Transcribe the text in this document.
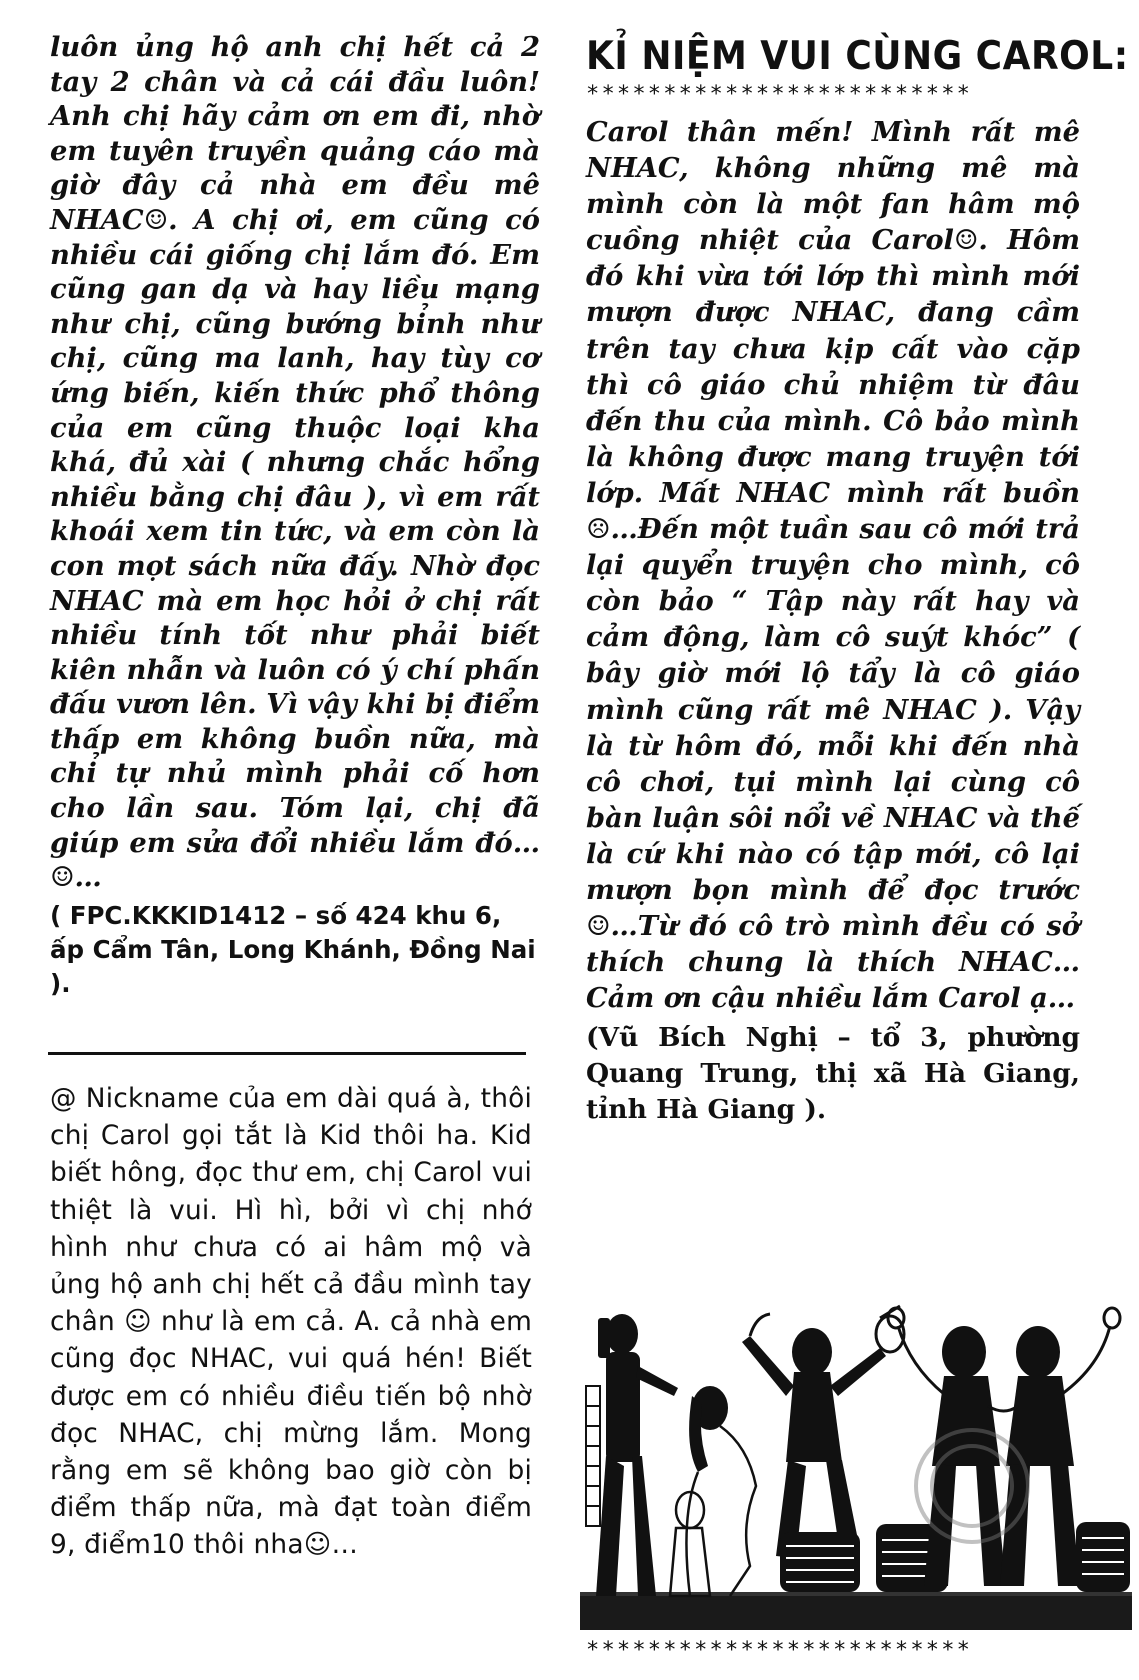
luôn ủng hộ anh chị hết cả 2 tay 2 chân và cả cái đầu luôn! Anh chị hãy cảm ơn em đi, nhờ em tuyên truyền quảng cáo mà giờ đây cả nhà em đều mê NHAC☺. A chị ơi, em cũng có nhiều cái giống chị lắm đó. Em cũng gan dạ và hay liều mạng như chị, cũng bướng bỉnh như chị, cũng ma lanh, hay tùy cơ ứng biến, kiến thức phổ thông của em cũng thuộc loại kha khá, đủ xài ( nhưng chắc hổng nhiều bằng chị đâu ), vì em rất khoái xem tin tức, và em còn là con mọt sách nữa đấy. Nhờ đọc NHAC mà em học hỏi ở chị rất nhiều tính tốt như phải biết kiên nhẫn và luôn có ý chí phấn đấu vươn lên. Vì vậy khi bị điểm thấp em không buồn nữa, mà chỉ tự nhủ mình phải cố hơn cho lần sau. Tóm lại, chị đã giúp em sửa đổi nhiều lắm đó…☺…

( FPC.KKKID1412 – số 424 khu 6, ấp Cẩm Tân, Long Khánh, Đồng Nai ).

@ Nickname của em dài quá à, thôi chị Carol gọi tắt là Kid thôi ha. Kid biết hông, đọc thư em, chị Carol vui thiệt là vui. Hì hì, bởi vì chị nhớ hình như chưa có ai hâm mộ và ủng hộ anh chị hết cả đầu mình tay chân ☺ như là em cả. A. cả nhà em cũng đọc NHAC, vui quá hén! Biết được em có nhiều điều tiến bộ nhờ đọc NHAC, chị mừng lắm. Mong rằng em sẽ không bao giờ còn bị điểm thấp nữa, mà đạt toàn điểm 9, điểm10 thôi nha☺…

KỈ NIỆM VUI CÙNG CAROL:
*************************

Carol thân mến! Mình rất mê NHAC, không những mê mà mình còn là một fan hâm mộ cuồng nhiệt của Carol☺. Hôm đó khi vừa tới lớp thì mình mới mượn được NHAC, đang cầm trên tay chưa kịp cất vào cặp thì cô giáo chủ nhiệm từ đâu đến thu của mình. Cô bảo mình là không được mang truyện tới lớp. Mất NHAC mình rất buồn☹…Đến một tuần sau cô mới trả lại quyển truyện cho mình, cô còn bảo “ Tập này rất hay và cảm động, làm cô suýt khóc” ( bây giờ mới lộ tẩy là cô giáo mình cũng rất mê NHAC ). Vậy là từ hôm đó, mỗi khi đến nhà cô chơi, tụi mình lại cùng cô bàn luận sôi nổi về NHAC và thế là cứ khi nào có tập mới, cô lại mượn bọn mình để đọc trước☺…Từ đó cô trò mình đều có sở thích chung là thích NHAC…Cảm ơn cậu nhiều lắm Carol ạ…

(Vũ Bích Nghị – tổ 3, phường Quang Trung, thị xã Hà Giang, tỉnh Hà Giang ).

*************************
